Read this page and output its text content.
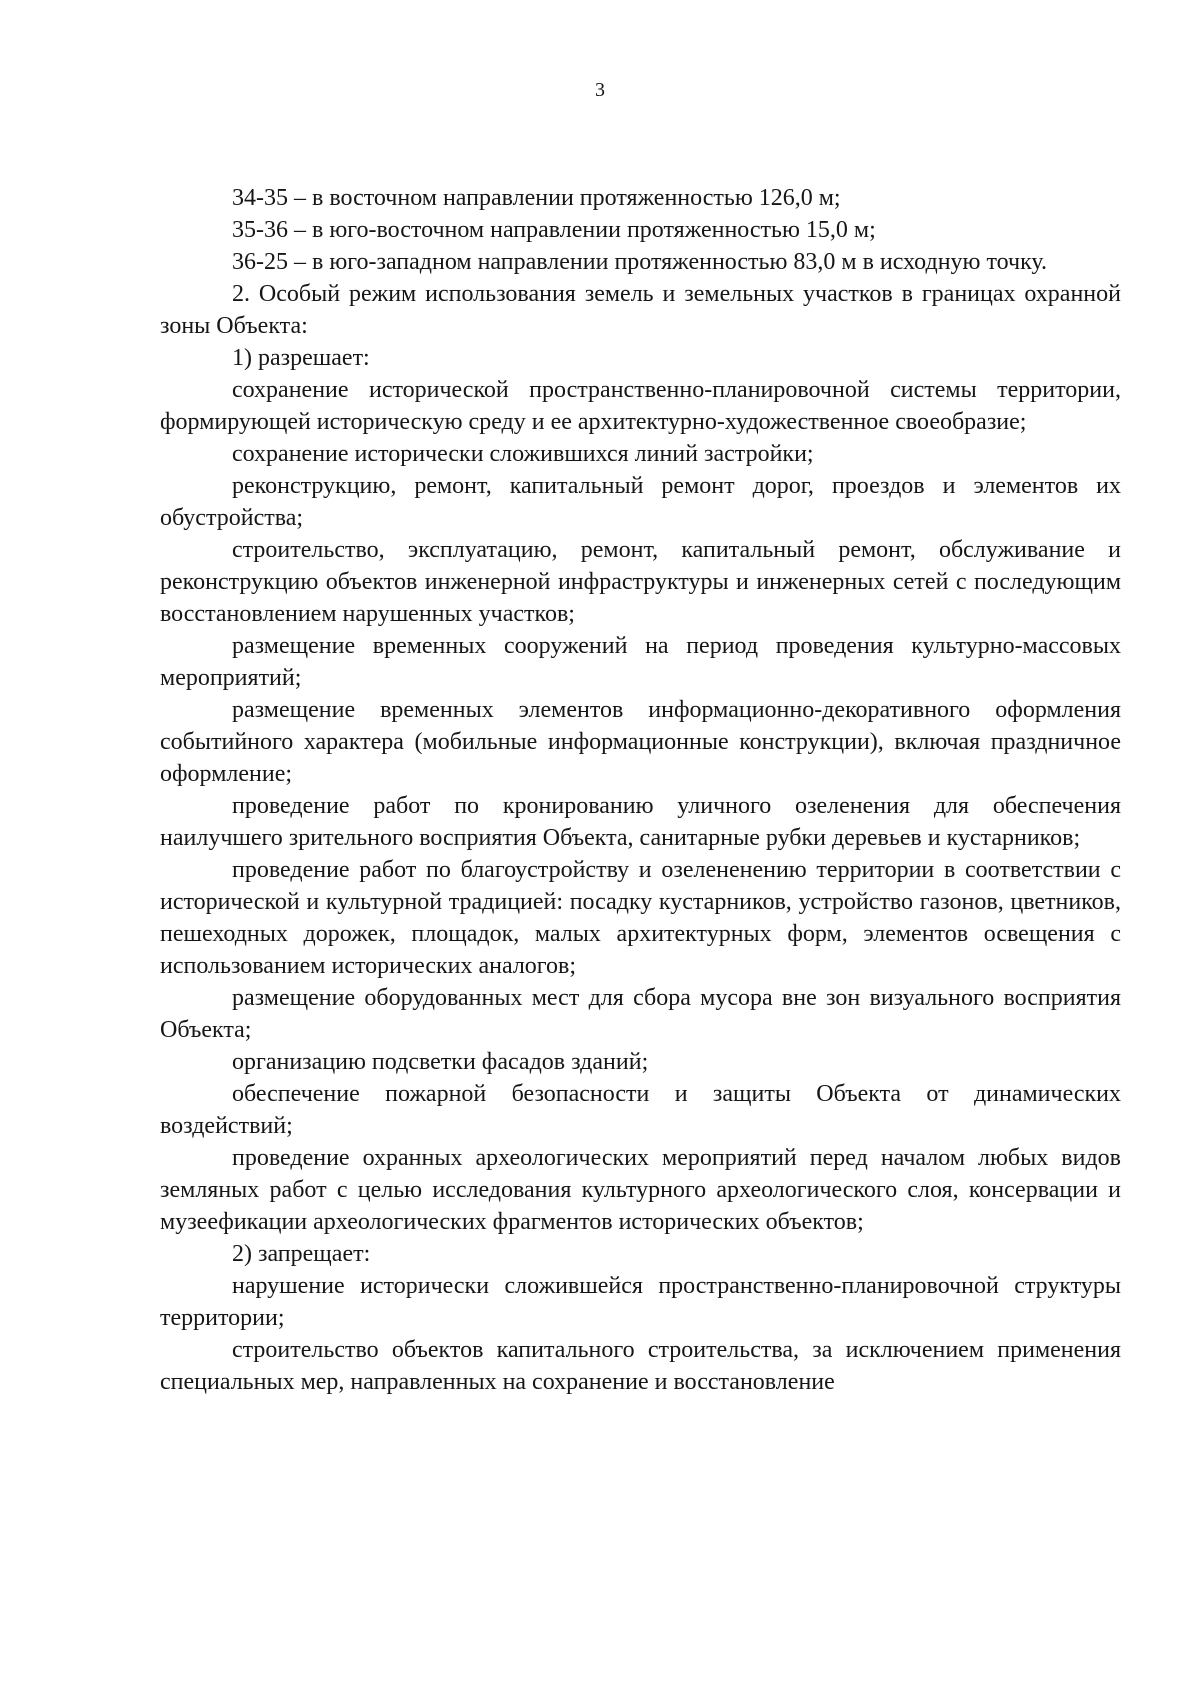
3

34-35 – в восточном направлении протяженностью 126,0 м;

35-36 – в юго-восточном направлении протяженностью 15,0 м;

36-25 – в юго-западном направлении протяженностью 83,0 м в исходную точку.

2. Особый режим использования земель и земельных участков в границах охранной зоны Объекта:

1) разрешает:

сохранение исторической пространственно-планировочной системы территории, формирующей историческую среду и ее архитектурно-художественное своеобразие;

сохранение исторически сложившихся линий застройки;

реконструкцию, ремонт, капитальный ремонт дорог, проездов и элементов их обустройства;

строительство, эксплуатацию, ремонт, капитальный ремонт, обслуживание и реконструкцию объектов инженерной инфраструктуры и инженерных сетей с последующим восстановлением нарушенных участков;

размещение временных сооружений на период проведения культурно-массовых мероприятий;

размещение временных элементов информационно-декоративного оформления событийного характера (мобильные информационные конструкции), включая праздничное оформление;

проведение работ по кронированию уличного озеленения для обеспечения наилучшего зрительного восприятия Объекта, санитарные рубки деревьев и кустарников;

проведение работ по благоустройству и озелененению территории в соответствии с исторической и культурной традицией: посадку кустарников, устройство газонов, цветников, пешеходных дорожек, площадок, малых архитектурных форм, элементов освещения с использованием исторических аналогов;

размещение оборудованных мест для сбора мусора вне зон визуального восприятия Объекта;

организацию подсветки фасадов зданий;

обеспечение пожарной безопасности и защиты Объекта от динамических воздействий;

проведение охранных археологических мероприятий перед началом любых видов земляных работ с целью исследования культурного археологического слоя, консервации и музеефикации археологических фрагментов исторических объектов;

2) запрещает:

нарушение исторически сложившейся пространственно-планировочной структуры территории;

строительство объектов капитального строительства, за исключением применения специальных мер, направленных на сохранение и восстановление
